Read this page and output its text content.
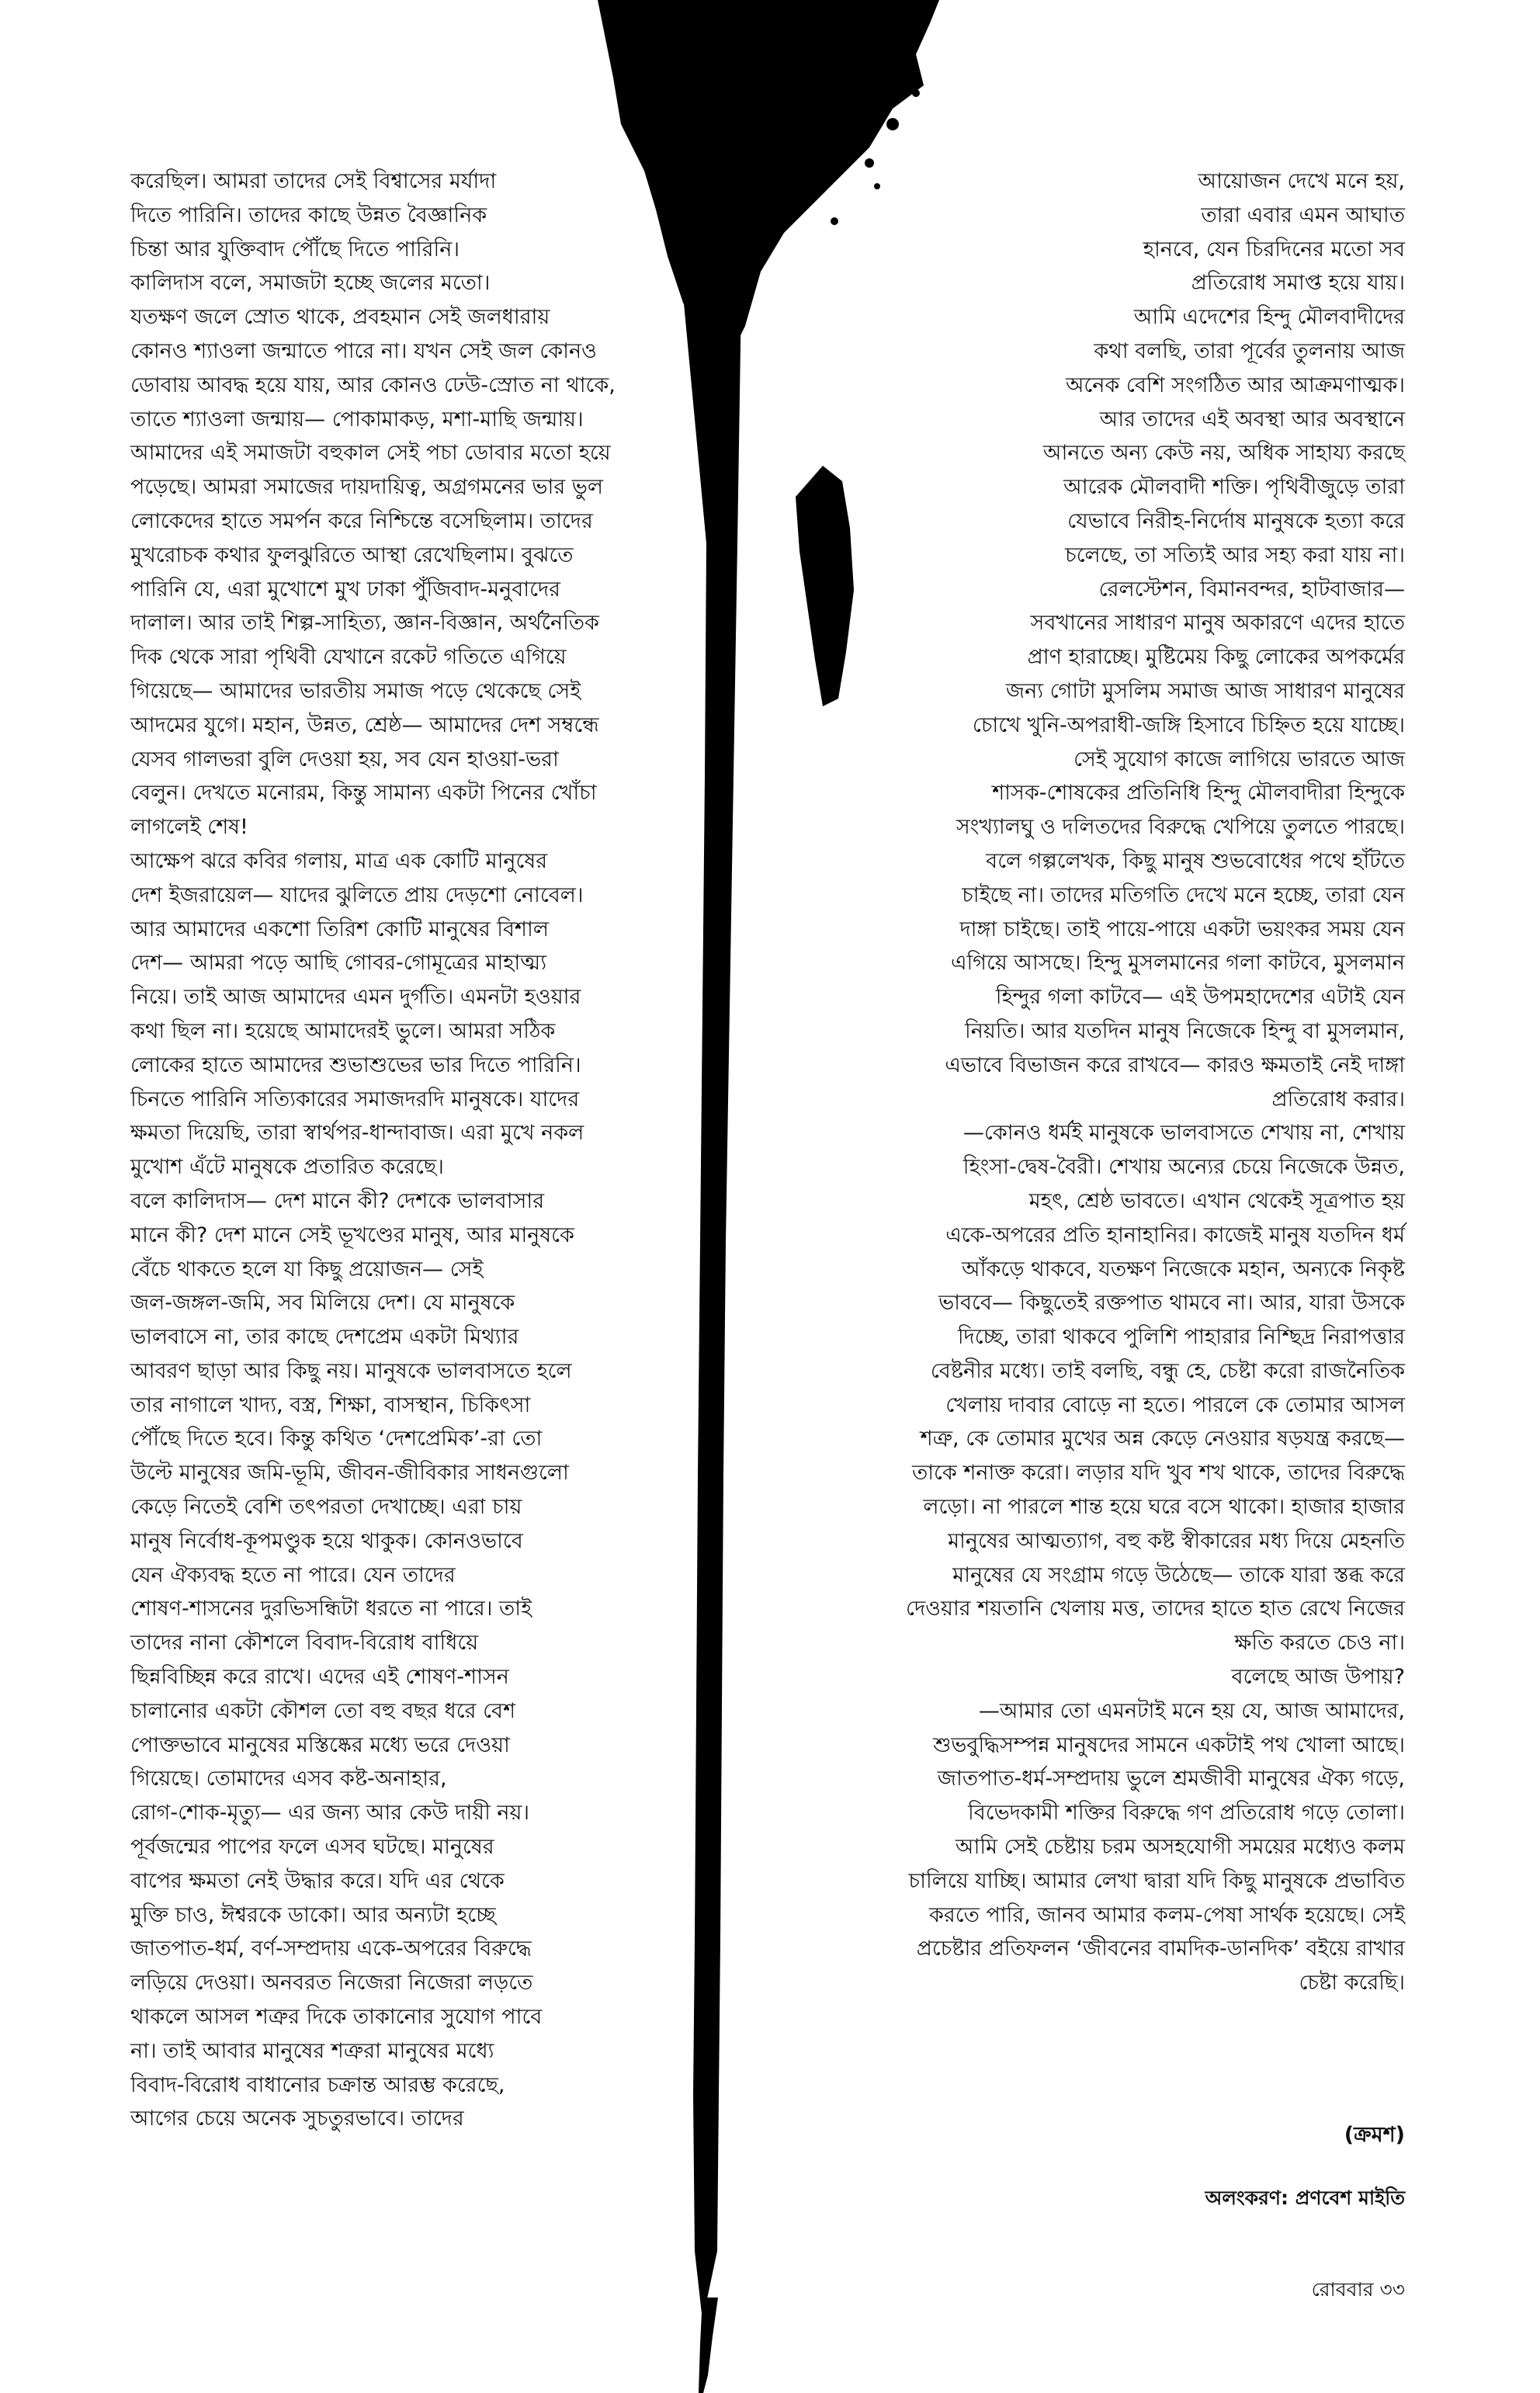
করেছিল। আমরা তাদের সেই বিশ্বাসের মর্যাদা
দিতে পারিনি। তাদের কাছে উন্নত বৈজ্ঞানিক
চিন্তা আর যুক্তিবাদ পৌঁছে দিতে পারিনি।
কালিদাস বলে, সমাজটা হচ্ছে জলের মতো।
যতক্ষণ জলে স্রোত থাকে, প্রবহমান সেই জলধারায়
কোনও শ্যাওলা জন্মাতে পারে না। যখন সেই জল কোনও
ডোবায় আবদ্ধ হয়ে যায়, আর কোনও ঢেউ-স্রোত না থাকে,
তাতে শ্যাওলা জন্মায়— পোকামাকড়, মশা-মাছি জন্মায়।
আমাদের এই সমাজটা বহুকাল সেই পচা ডোবার মতো হয়ে
পড়েছে। আমরা সমাজের দায়দায়িত্ব, অগ্রগমনের ভার ভুল
লোকেদের হাতে সমর্পন করে নিশ্চিন্তে বসেছিলাম। তাদের
মুখরোচক কথার ফুলঝুরিতে আস্থা রেখেছিলাম। বুঝতে
পারিনি যে, এরা মুখোশে মুখ ঢাকা পুঁজিবাদ-মনুবাদের
দালাল। আর তাই শিল্প-সাহিত্য, জ্ঞান-বিজ্ঞান, অর্থনৈতিক
দিক থেকে সারা পৃথিবী যেখানে রকেট গতিতে এগিয়ে
গিয়েছে— আমাদের ভারতীয় সমাজ পড়ে থেকেছে সেই
আদমের যুগে। মহান, উন্নত, শ্রেষ্ঠ— আমাদের দেশ সম্বন্ধে
যেসব গালভরা বুলি দেওয়া হয়, সব যেন হাওয়া-ভরা
বেলুন। দেখতে মনোরম, কিন্তু সামান্য একটা পিনের খোঁচা
লাগলেই শেষ!
আক্ষেপ ঝরে কবির গলায়, মাত্র এক কোটি মানুষের
দেশ ইজরায়েল— যাদের ঝুলিতে প্রায় দেড়শো নোবেল।
আর আমাদের একশো তিরিশ কোটি মানুষের বিশাল
দেশ— আমরা পড়ে আছি গোবর-গোমূত্রের মাহাত্ম্য
নিয়ে। তাই আজ আমাদের এমন দুর্গতি। এমনটা হওয়ার
কথা ছিল না। হয়েছে আমাদেরই ভুলে। আমরা সঠিক
লোকের হাতে আমাদের শুভাশুভের ভার দিতে পারিনি।
চিনতে পারিনি সত্যিকারের সমাজদরদি মানুষকে। যাদের
ক্ষমতা দিয়েছি, তারা স্বার্থপর-ধান্দাবাজ। এরা মুখে নকল
মুখোশ এঁটে মানুষকে প্রতারিত করেছে।
বলে কালিদাস— দেশ মানে কী? দেশকে ভালবাসার
মানে কী? দেশ মানে সেই ভূখণ্ডের মানুষ, আর মানুষকে
বেঁচে থাকতে হলে যা কিছু প্রয়োজন— সেই
জল-জঙ্গল-জমি, সব মিলিয়ে দেশ। যে মানুষকে
ভালবাসে না, তার কাছে দেশপ্রেম একটা মিথ্যার
আবরণ ছাড়া আর কিছু নয়। মানুষকে ভালবাসতে হলে
তার নাগালে খাদ্য, বস্ত্র, শিক্ষা, বাসস্থান, চিকিৎসা
পৌঁছে দিতে হবে। কিন্তু কথিত ‘দেশপ্রেমিক’-রা তো
উল্টে মানুষের জমি-ভূমি, জীবন-জীবিকার সাধনগুলো
কেড়ে নিতেই বেশি তৎপরতা দেখাচ্ছে। এরা চায়
মানুষ নির্বোধ-কূপমণ্ডুক হয়ে থাকুক। কোনওভাবে
যেন ঐক্যবদ্ধ হতে না পারে। যেন তাদের
শোষণ-শাসনের দুরভিসন্ধিটা ধরতে না পারে। তাই
তাদের নানা কৌশলে বিবাদ-বিরোধ বাধিয়ে
ছিন্নবিচ্ছিন্ন করে রাখে। এদের এই শোষণ-শাসন
চালানোর একটা কৌশল তো বহু বছর ধরে বেশ
পোক্তভাবে মানুষের মস্তিষ্কের মধ্যে ভরে দেওয়া
গিয়েছে। তোমাদের এসব কষ্ট-অনাহার,
রোগ-শোক-মৃত্যু— এর জন্য আর কেউ দায়ী নয়।
পূর্বজন্মের পাপের ফলে এসব ঘটছে। মানুষের
বাপের ক্ষমতা নেই উদ্ধার করে। যদি এর থেকে
মুক্তি চাও, ঈশ্বরকে ডাকো। আর অন্যটা হচ্ছে
জাতপাত-ধর্ম, বর্ণ-সম্প্রদায় একে-অপরের বিরুদ্ধে
লড়িয়ে দেওয়া। অনবরত নিজেরা নিজেরা লড়তে
থাকলে আসল শত্রুর দিকে তাকানোর সুযোগ পাবে
না। তাই আবার মানুষের শত্রুরা মানুষের মধ্যে
বিবাদ-বিরোধ বাধানোর চক্রান্ত আরম্ভ করেছে,
আগের চেয়ে অনেক সুচতুরভাবে। তাদের
আয়োজন দেখে মনে হয়,
তারা এবার এমন আঘাত
হানবে, যেন চিরদিনের মতো সব
প্রতিরোধ সমাপ্ত হয়ে যায়।
আমি এদেশের হিন্দু মৌলবাদীদের
কথা বলছি, তারা পূর্বের তুলনায় আজ
অনেক বেশি সংগঠিত আর আক্রমণাত্মক।
আর তাদের এই অবস্থা আর অবস্থানে
আনতে অন্য কেউ নয়, অধিক সাহায্য করছে
আরেক মৌলবাদী শক্তি। পৃথিবীজুড়ে তারা
যেভাবে নিরীহ-নির্দোষ মানুষকে হত্যা করে
চলেছে, তা সত্যিই আর সহ্য করা যায় না।
রেলস্টেশন, বিমানবন্দর, হাটবাজার—
সবখানের সাধারণ মানুষ অকারণে এদের হাতে
প্রাণ হারাচ্ছে। মুষ্টিমেয় কিছু লোকের অপকর্মের
জন্য গোটা মুসলিম সমাজ আজ সাধারণ মানুষের
চোখে খুনি-অপরাধী-জঙ্গি হিসাবে চিহ্নিত হয়ে যাচ্ছে।
সেই সুযোগ কাজে লাগিয়ে ভারতে আজ
শাসক-শোষকের প্রতিনিধি হিন্দু মৌলবাদীরা হিন্দুকে
সংখ্যালঘু ও দলিতদের বিরুদ্ধে খেপিয়ে তুলতে পারছে।
বলে গল্পলেখক, কিছু মানুষ শুভবোধের পথে হাঁটতে
চাইছে না। তাদের মতিগতি দেখে মনে হচ্ছে, তারা যেন
দাঙ্গা চাইছে। তাই পায়ে-পায়ে একটা ভয়ংকর সময় যেন
এগিয়ে আসছে। হিন্দু মুসলমানের গলা কাটবে, মুসলমান
হিন্দুর গলা কাটবে— এই উপমহাদেশের এটাই যেন
নিয়তি। আর যতদিন মানুষ নিজেকে হিন্দু বা মুসলমান,
এভাবে বিভাজন করে রাখবে— কারও ক্ষমতাই নেই দাঙ্গা
প্রতিরোধ করার।
—কোনও ধর্মই মানুষকে ভালবাসতে শেখায় না, শেখায়
হিংসা-দ্বেষ-বৈরী। শেখায় অন্যের চেয়ে নিজেকে উন্নত,
মহৎ, শ্রেষ্ঠ ভাবতে। এখান থেকেই সূত্রপাত হয়
একে-অপরের প্রতি হানাহানির। কাজেই মানুষ যতদিন ধর্ম
আঁকড়ে থাকবে, যতক্ষণ নিজেকে মহান, অন্যকে নিকৃষ্ট
ভাববে— কিছুতেই রক্তপাত থামবে না। আর, যারা উসকে
দিচ্ছে, তারা থাকবে পুলিশি পাহারার নিশ্ছিদ্র নিরাপত্তার
বেষ্টনীর মধ্যে। তাই বলছি, বন্ধু হে, চেষ্টা করো রাজনৈতিক
খেলায় দাবার বোড়ে না হতে। পারলে কে তোমার আসল
শত্রু, কে তোমার মুখের অন্ন কেড়ে নেওয়ার ষড়যন্ত্র করছে—
তাকে শনাক্ত করো। লড়ার যদি খুব শখ থাকে, তাদের বিরুদ্ধে
লড়ো। না পারলে শান্ত হয়ে ঘরে বসে থাকো। হাজার হাজার
মানুষের আত্মত্যাগ, বহু কষ্ট স্বীকারের মধ্য দিয়ে মেহনতি
মানুষের যে সংগ্রাম গড়ে উঠেছে— তাকে যারা স্তব্ধ করে
দেওয়ার শয়তানি খেলায় মত্ত, তাদের হাতে হাত রেখে নিজের
ক্ষতি করতে চেও না।
বলেছে আজ উপায়?
—আমার তো এমনটাই মনে হয় যে, আজ আমাদের,
শুভবুদ্ধিসম্পন্ন মানুষদের সামনে একটাই পথ খোলা আছে।
জাতপাত-ধর্ম-সম্প্রদায় ভুলে শ্রমজীবী মানুষের ঐক্য গড়ে,
বিভেদকামী শক্তির বিরুদ্ধে গণ প্রতিরোধ গড়ে তোলা।
আমি সেই চেষ্টায় চরম অসহযোগী সময়ের মধ্যেও কলম
চালিয়ে যাচ্ছি। আমার লেখা দ্বারা যদি কিছু মানুষকে প্রভাবিত
করতে পারি, জানব আমার কলম-পেষা সার্থক হয়েছে। সেই
প্রচেষ্টার প্রতিফলন ‘জীবনের বামদিক-ডানদিক’ বইয়ে রাখার
চেষ্টা করেছি।
(ক্রমশ)
অলংকরণ: প্রণবেশ মাইতি
রোববার ৩৩
